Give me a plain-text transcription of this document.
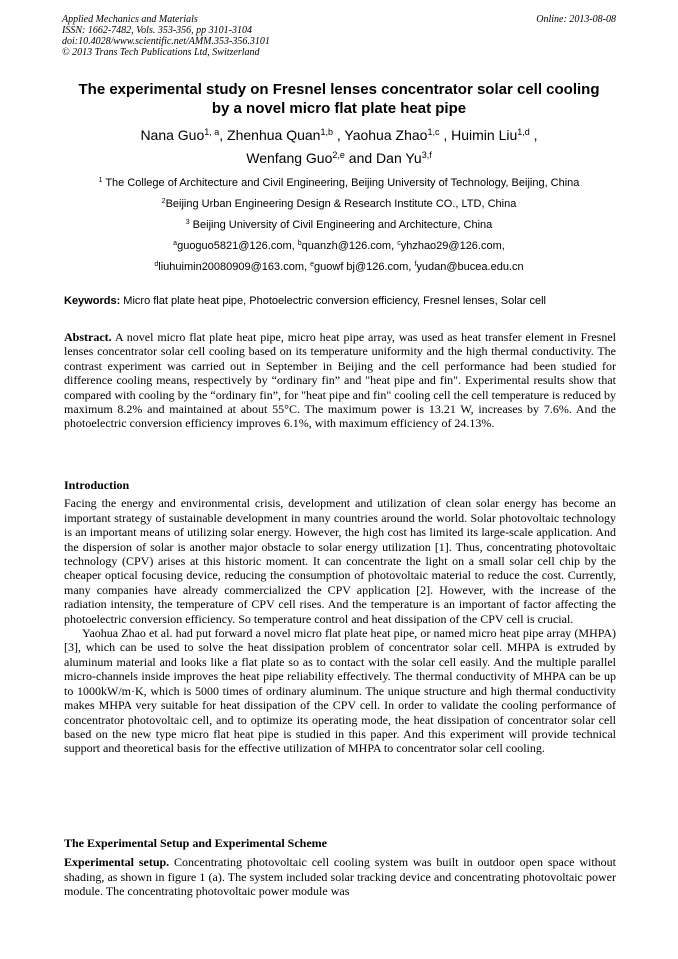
Applied Mechanics and Materials	Online: 2013-08-08
ISSN: 1662-7482, Vols. 353-356, pp 3101-3104
doi:10.4028/www.scientific.net/AMM.353-356.3101
© 2013 Trans Tech Publications Ltd, Switzerland
The experimental study on Fresnel lenses concentrator solar cell cooling
by a novel micro flat plate heat pipe
Nana Guo$^{1, a}$, Zhenhua Quan$^{1,b}$ , Yaohua Zhao$^{1,c}$ , Huimin Liu$^{1,d}$ ,
Wenfang Guo$^{2,e}$ and Dan Yu$^{3,f}$
$^1$ The College of Architecture and Civil Engineering, Beijing University of Technology, Beijing, China
$^2$Beijing Urban Engineering Design & Research Institute CO., LTD, China
$^3$ Beijing University of Civil Engineering and Architecture, China
$^a$guoguo5821@126.com, $^b$quanzh@126.com, $^c$yhzhao29@126.com,
$^d$liuhuimin20080909@163.com, $^e$guowf bj@126.com, $^f$yudan@bucea.edu.cn
Keywords: Micro flat plate heat pipe, Photoelectric conversion efficiency, Fresnel lenses, Solar cell
Abstract. A novel micro flat plate heat pipe, micro heat pipe array, was used as heat transfer element in Fresnel lenses concentrator solar cell cooling based on its temperature uniformity and the high thermal conductivity. The contrast experiment was carried out in September in Beijing and the cell performance had been studied for difference cooling means, respectively by “ordinary fin” and "heat pipe and fin". Experimental results show that compared with cooling by the “ordinary fin”, for "heat pipe and fin" cooling cell the cell temperature is reduced by maximum 8.2% and maintained at about 55°C. The maximum power is 13.21 W, increases by 7.6%. And the photoelectric conversion efficiency improves 6.1%, with maximum efficiency of 24.13%.
Introduction
Facing the energy and environmental crisis, development and utilization of clean solar energy has become an important strategy of sustainable development in many countries around the world. Solar photovoltaic technology is an important means of utilizing solar energy. However, the high cost has limited its large-scale application. And the dispersion of solar is another major obstacle to solar energy utilization [1]. Thus, concentrating photovoltaic technology (CPV) arises at this historic moment. It can concentrate the light on a small solar cell chip by the cheaper optical focusing device, reducing the consumption of photovoltaic material to reduce the cost. Currently, many companies have already commercialized the CPV application [2]. However, with the increase of the radiation intensity, the temperature of CPV cell rises. And the temperature is an important of factor affecting the photoelectric conversion efficiency. So temperature control and heat dissipation of the CPV cell is crucial.
Yaohua Zhao et al. had put forward a novel micro flat plate heat pipe, or named micro heat pipe array (MHPA) [3], which can be used to solve the heat dissipation problem of concentrator solar cell. MHPA is extruded by aluminum material and looks like a flat plate so as to contact with the solar cell easily. And the multiple parallel micro-channels inside improves the heat pipe reliability effectively. The thermal conductivity of MHPA can be up to 1000kW/m·K, which is 5000 times of ordinary aluminum. The unique structure and high thermal conductivity makes MHPA very suitable for heat dissipation of the CPV cell. In order to validate the cooling performance of concentrator photovoltaic cell, and to optimize its operating mode, the heat dissipation of concentrator solar cell based on the new type micro flat heat pipe is studied in this paper. And this experiment will provide technical support and theoretical basis for the effective utilization of MHPA to concentrator solar cell cooling.
The Experimental Setup and Experimental Scheme
Experimental setup. Concentrating photovoltaic cell cooling system was built in outdoor open space without shading, as shown in figure 1 (a). The system included solar tracking device and concentrating photovoltaic power module. The concentrating photovoltaic power module was
